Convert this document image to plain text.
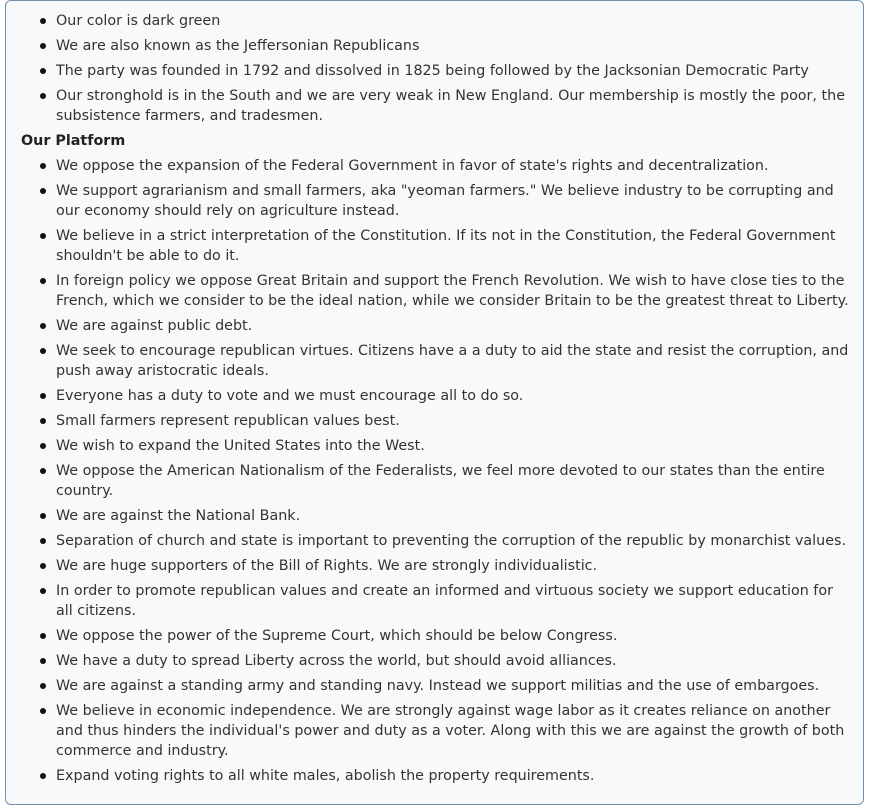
Our color is dark green
We are also known as the Jeffersonian Republicans
The party was founded in 1792 and dissolved in 1825 being followed by the Jacksonian Democratic Party
Our stronghold is in the South and we are very weak in New England. Our membership is mostly the poor, the subsistence farmers, and tradesmen.

Our Platform

We oppose the expansion of the Federal Government in favor of state's rights and decentralization.
We support agrarianism and small farmers, aka "yeoman farmers." We believe industry to be corrupting and our economy should rely on agriculture instead.
We believe in a strict interpretation of the Constitution. If its not in the Constitution, the Federal Government shouldn't be able to do it.
In foreign policy we oppose Great Britain and support the French Revolution. We wish to have close ties to the French, which we consider to be the ideal nation, while we consider Britain to be the greatest threat to Liberty.
We are against public debt.
We seek to encourage republican virtues. Citizens have a a duty to aid the state and resist the corruption, and push away aristocratic ideals.
Everyone has a duty to vote and we must encourage all to do so.
Small farmers represent republican values best.
We wish to expand the United States into the West.
We oppose the American Nationalism of the Federalists, we feel more devoted to our states than the entire country.
We are against the National Bank.
Separation of church and state is important to preventing the corruption of the republic by monarchist values.
We are huge supporters of the Bill of Rights. We are strongly individualistic.
In order to promote republican values and create an informed and virtuous society we support education for all citizens.
We oppose the power of the Supreme Court, which should be below Congress.
We have a duty to spread Liberty across the world, but should avoid alliances.
We are against a standing army and standing navy. Instead we support militias and the use of embargoes.
We believe in economic independence. We are strongly against wage labor as it creates reliance on another and thus hinders the individual's power and duty as a voter. Along with this we are against the growth of both commerce and industry.
Expand voting rights to all white males, abolish the property requirements.
